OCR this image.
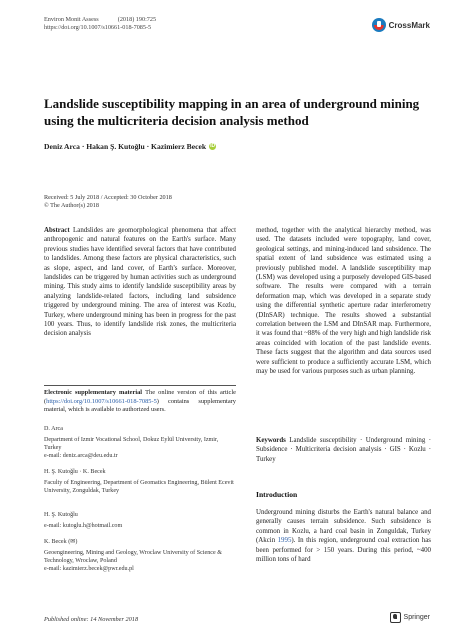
Environ Monit Assess	(2018) 190:725
https://doi.org/10.1007/s10661-018-7085-5	CrossMark
Landslide susceptibility mapping in an area of underground mining using the multicriteria decision analysis method
Deniz Arca · Hakan Ş. Kutoğlu · Kazimierz Becek iD
Received: 5 July 2018 / Accepted: 30 October 2018
© The Author(s) 2018
Abstract Landslides are geomorphological phenomena that affect anthropogenic and natural features on the Earth's surface. Many previous studies have identified several factors that have contributed to landslides. Among these factors are physical characteristics, such as slope, aspect, and land cover, of Earth's surface. Moreover, landslides can be triggered by human activities such as underground mining. This study aims to identify landslide susceptibility areas by analyzing landslide-related factors, including land subsidence triggered by underground mining. The area of interest was Kozlu, Turkey, where underground mining has been in progress for the past 100 years. Thus, to identify landslide risk zones, the multicriteria decision analysis
Electronic supplementary material The online version of this article (https://doi.org/10.1007/s10661-018-7085-5) contains supplementary material, which is available to authorized users.
D. Arca
Department of Izmir Vocational School, Dokuz Eylül University, Izmir, Turkey
e-mail: deniz.arca@deu.edu.tr
H. Ş. Kutoğlu · K. Becek
Faculty of Engineering, Department of Geomatics Engineering, Bülent Ecevit University, Zonguldak, Turkey
H. Ş. Kutoğlu
e-mail: kutoglu.h@hotmail.com
K. Becek (✉)
Geoengineering, Mining and Geology, Wroclaw University of Science & Technology, Wroclaw, Poland
e-mail: kazimierz.becek@pwr.edu.pl
method, together with the analytical hierarchy method, was used. The datasets included were topography, land cover, geological settings, and mining-induced land subsidence. The spatial extent of land subsidence was estimated using a previously published model. A landslide susceptibility map (LSM) was developed using a purposely developed GIS-based software. The results were compared with a terrain deformation map, which was developed in a separate study using the differential synthetic aperture radar interferometry (DInSAR) technique. The results showed a substantial correlation between the LSM and DInSAR map. Furthermore, it was found that ~88% of the very high and high landslide risk areas coincided with location of the past landslide events. These facts suggest that the algorithm and data sources used were sufficient to produce a sufficiently accurate LSM, which may be used for various purposes such as urban planning.
Keywords Landslide susceptibility · Underground mining · Subsidence · Multicriteria decision analysis · GIS · Kozlu · Turkey
Introduction
Underground mining disturbs the Earth's natural balance and generally causes terrain subsidence. Such subsidence is common in Kozlu, a hard coal basin in Zonguldak, Turkey (Akcin 1995). In this region, underground coal extraction has been performed for > 150 years. During this period, ~400 million tons of hard
Published online: 14 November 2018	Springer
